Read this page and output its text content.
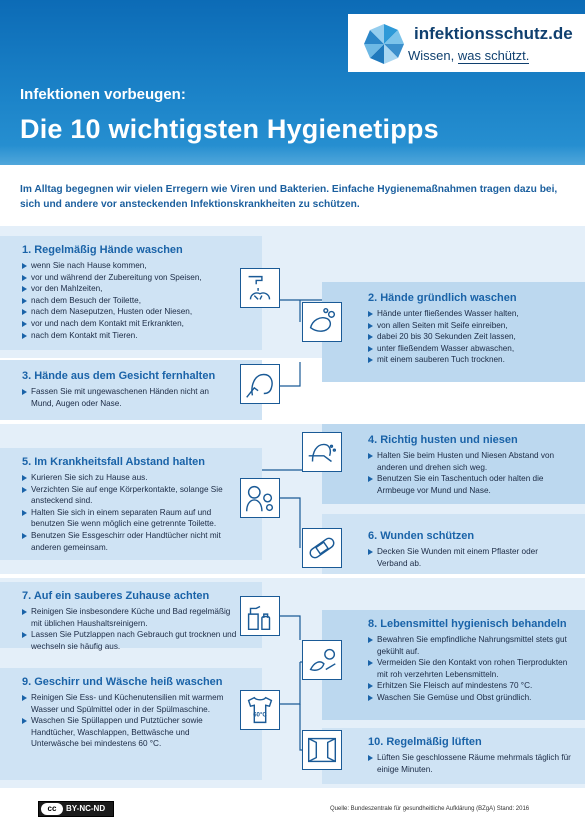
infektionsschutz.de
Wissen, was schützt.
Infektionen vorbeugen:
Die 10 wichtigsten Hygienetipps
Im Alltag begegnen wir vielen Erregern wie Viren und Bakterien. Einfache Hygienemaßnahmen tragen dazu bei, sich und andere vor ansteckenden Infektionskrankheiten zu schützen.
60°C
1. Regelmäßig Hände waschen
wenn Sie nach Hause kommen,
vor und während der Zubereitung von Speisen,
vor den Mahlzeiten,
nach dem Besuch der Toilette,
nach dem Naseputzen, Husten oder Niesen,
vor und nach dem Kontakt mit Erkrankten,
nach dem Kontakt mit Tieren.
2. Hände gründlich waschen
Hände unter fließendes Wasser halten,
von allen Seiten mit Seife einreiben,
dabei 20 bis 30 Sekunden Zeit lassen,
unter fließendem Wasser abwaschen,
mit einem sauberen Tuch trocknen.
3. Hände aus dem Gesicht fernhalten
Fassen Sie mit ungewaschenen Händen nicht an Mund, Augen oder Nase.
4. Richtig husten und niesen
Halten Sie beim Husten und Niesen Abstand von anderen und drehen sich weg.
Benutzen Sie ein Taschentuch oder halten die Armbeuge vor Mund und Nase.
5. Im Krankheitsfall Abstand halten
Kurieren Sie sich zu Hause aus.
Verzichten Sie auf enge Körperkontakte, solange Sie ansteckend sind.
Halten Sie sich in einem separaten Raum auf und benutzen Sie wenn möglich eine getrennte Toilette.
Benutzen Sie Essgeschirr oder Handtücher nicht mit anderen gemeinsam.
6. Wunden schützen
Decken Sie Wunden mit einem Pflaster oder Verband ab.
7. Auf ein sauberes Zuhause achten
Reinigen Sie insbesondere Küche und Bad regelmäßig mit üblichen Haushaltsreinigern.
Lassen Sie Putzlappen nach Gebrauch gut trocknen und wechseln sie häufig aus.
8. Lebensmittel hygienisch behandeln
Bewahren Sie empfindliche Nahrungsmittel stets gut gekühlt auf.
Vermeiden Sie den Kontakt von rohen Tierprodukten mit roh verzehrten Lebensmitteln.
Erhitzen Sie Fleisch auf mindestens 70 °C.
Waschen Sie Gemüse und Obst gründlich.
9. Geschirr und Wäsche heiß waschen
Reinigen Sie Ess- und Küchenutensilien mit warmem Wasser und Spülmittel oder in der Spülmaschine.
Waschen Sie Spüllappen und Putztücher sowie Handtücher, Waschlappen, Bettwäsche und Unterwäsche bei mindestens 60 °C.	10. Regelmäßig lüften
Lüften Sie geschlossene Räume mehrmals täglich für einige Minuten.
cc	BY-NC-ND	Quelle: Bundeszentrale für gesundheitliche Aufklärung (BZgA) Stand: 2016
